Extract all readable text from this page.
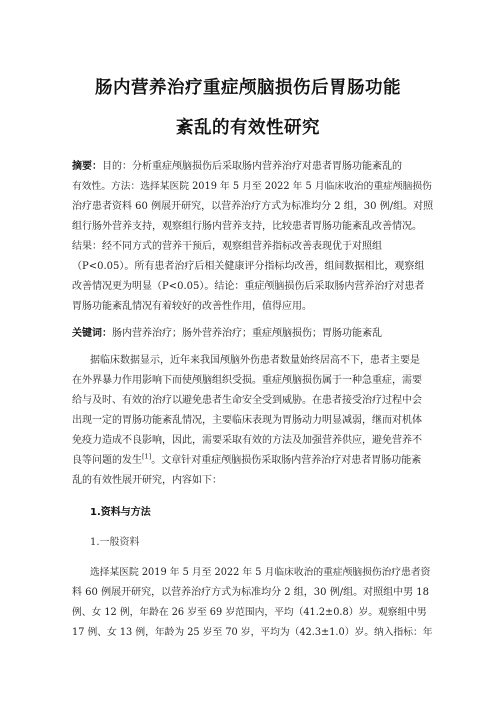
肠内营养治疗重症颅脑损伤后胃肠功能
紊乱的有效性研究

摘要：目的：分析重症颅脑损伤后采取肠内营养治疗对患者胃肠功能紊乱的

有效性。方法：选择某医院 2019 年 5 月至 2022 年 5 月临床收治的重症颅脑损伤

治疗患者资料 60 例展开研究，以营养治疗方式为标准均分 2 组，30 例/组。对照

组行肠外营养支持，观察组行肠内营养支持，比较患者胃肠功能紊乱改善情况。

结果：经不同方式的营养干预后，观察组营养指标改善表现优于对照组

（P<0.05）。所有患者治疗后相关健康评分指标均改善，组间数据相比，观察组

改善情况更为明显（P<0.05）。结论：重症颅脑损伤后采取肠内营养治疗对患者

胃肠功能紊乱情况有着较好的改善性作用，值得应用。

关键词：肠内营养治疗；肠外营养治疗；重症颅脑损伤；胃肠功能紊乱

据临床数据显示，近年来我国颅脑外伤患者数量始终居高不下，患者主要是

在外界暴力作用影响下而使颅脑组织受损。重症颅脑损伤属于一种急重症，需要

给与及时、有效的治疗以避免患者生命安全受到威胁。在患者接受治疗过程中会

出现一定的胃肠功能紊乱情况，主要临床表现为胃肠动力明显减弱，继而对机体

免疫力造成不良影响，因此，需要采取有效的方法及加强营养供应，避免营养不

良等问题的发生[1]。文章针对重症颅脑损伤采取肠内营养治疗对患者胃肠功能紊

乱的有效性展开研究，内容如下：

1.资料与方法

1.一般资料

选择某医院 2019 年 5 月至 2022 年 5 月临床收治的重症颅脑损伤治疗患者资

料 60 例展开研究，以营养治疗方式为标准均分 2 组，30 例/组。对照组中男 18

例、女 12 例，年龄在 26 岁至 69 岁范围内，平均（41.2±0.8）岁。观察组中男

17 例、女 13 例，年龄为 25 岁至 70 岁，平均为（42.3±1.0）岁。纳入指标：年
